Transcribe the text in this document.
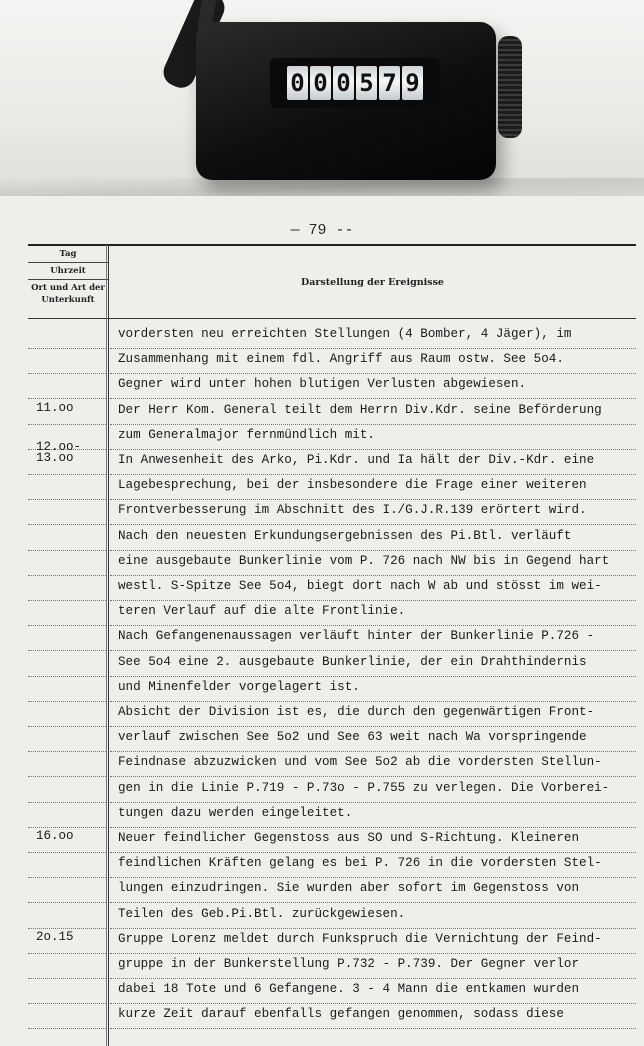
0 0 0 5 7 9
— 79 --
Tag
Uhrzeit
Ort und Art der Unterkunft
Darstellung der Ereignisse
vordersten neu erreichten Stellungen (4 Bomber, 4 Jäger), im
Zusammenhang mit einem fdl. Angriff aus Raum ostw. See 5o4.
Gegner wird unter hohen blutigen Verlusten abgewiesen.
11.oo	Der Herr Kom. General teilt dem Herrn Div.Kdr. seine Beförderung
zum Generalmajor fernmündlich mit.
12.oo-
13.oo	In Anwesenheit des Arko, Pi.Kdr. und Ia hält der Div.-Kdr. eine
Lagebesprechung, bei der insbesondere die Frage einer weiteren
Frontverbesserung im Abschnitt des I./G.J.R.139 erörtert wird.
Nach den neuesten Erkundungsergebnissen des Pi.Btl. verläuft
eine ausgebaute Bunkerlinie vom P. 726 nach NW bis in Gegend hart
westl. S-Spitze See 5o4, biegt dort nach W ab und stösst im wei-
teren Verlauf auf die alte Frontlinie.
Nach Gefangenenaussagen verläuft hinter der Bunkerlinie P.726 -
See 5o4 eine 2. ausgebaute Bunkerlinie, der ein Drahthindernis
und Minenfelder vorgelagert ist.
Absicht der Division ist es, die durch den gegenwärtigen Front-
verlauf zwischen See 5o2 und See 63 weit nach Wa vorspringende
Feindnase abzuzwicken und vom See 5o2 ab die vordersten Stellun-
gen in die Linie P.719 - P.73o - P.755 zu verlegen. Die Vorberei-
tungen dazu werden eingeleitet.
16.oo	Neuer feindlicher Gegenstoss aus SO und S-Richtung. Kleineren
feindlichen Kräften gelang es bei P. 726 in die vordersten Stel-
lungen einzudringen. Sie wurden aber sofort im Gegenstoss von
Teilen des Geb.Pi.Btl. zurückgewiesen.
2o.15	Gruppe Lorenz meldet durch Funkspruch die Vernichtung der Feind-
gruppe in der Bunkerstellung P.732 - P.739. Der Gegner verlor
dabei 18 Tote und 6 Gefangene. 3 - 4 Mann die entkamen wurden
kurze Zeit darauf ebenfalls gefangen genommen, sodass diese
